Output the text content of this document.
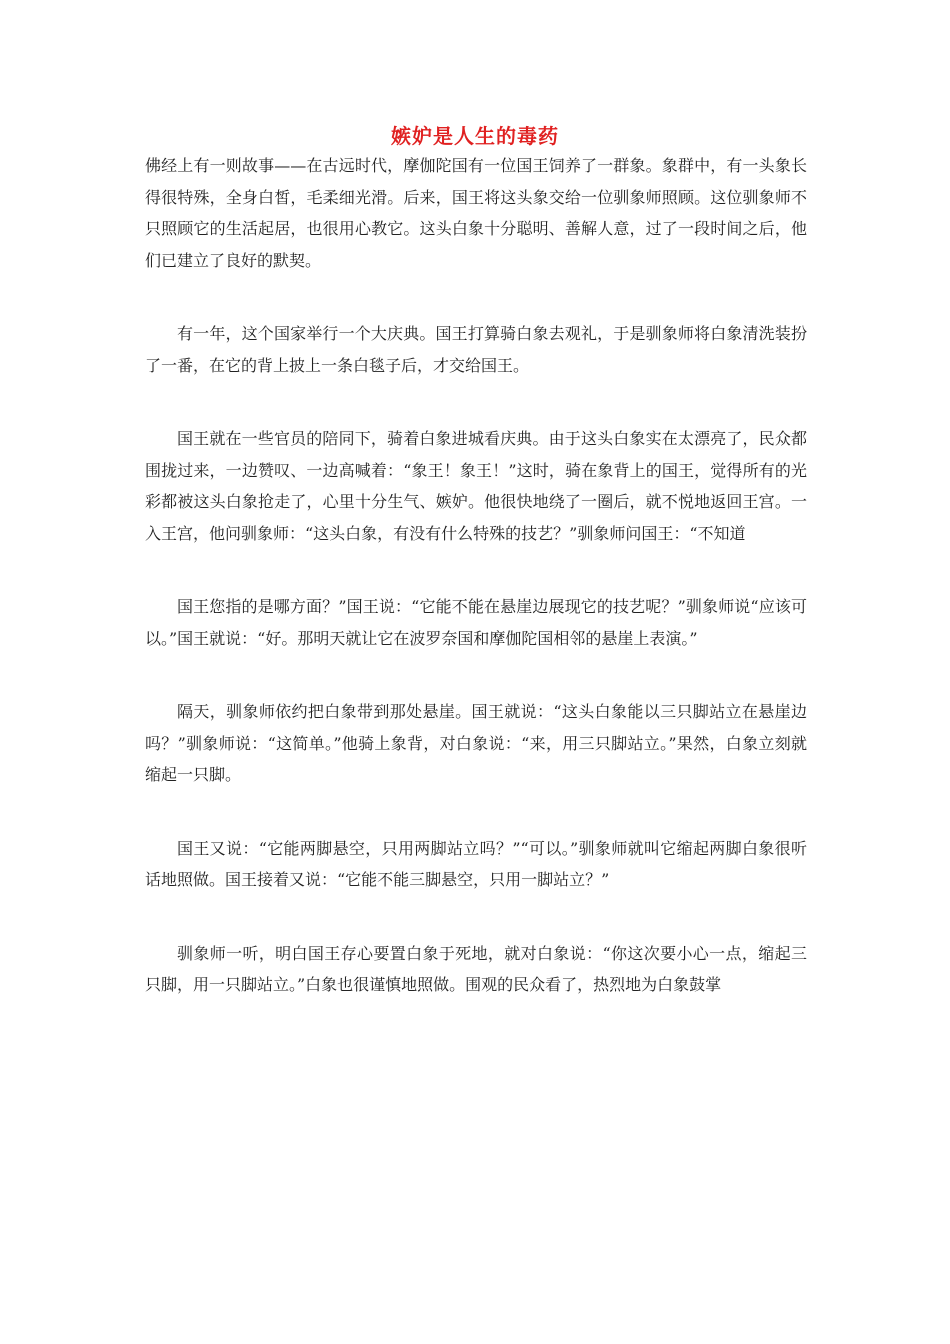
嫉妒是人生的毒药

佛经上有一则故事——在古远时代，摩伽陀国有一位国王饲养了一群象。象群中，有一头象长得很特殊，全身白皙，毛柔细光滑。后来，国王将这头象交给一位驯象师照顾。这位驯象师不只照顾它的生活起居，也很用心教它。这头白象十分聪明、善解人意，过了一段时间之后，他们已建立了良好的默契。

有一年，这个国家举行一个大庆典。国王打算骑白象去观礼，于是驯象师将白象清洗装扮了一番，在它的背上披上一条白毯子后，才交给国王。

国王就在一些官员的陪同下，骑着白象进城看庆典。由于这头白象实在太漂亮了，民众都围拢过来，一边赞叹、一边高喊着：“象王！象王！”这时，骑在象背上的国王，觉得所有的光彩都被这头白象抢走了，心里十分生气、嫉妒。他很快地绕了一圈后，就不悦地返回王宫。一入王宫，他问驯象师：“这头白象，有没有什么特殊的技艺？”驯象师问国王：“不知道

国王您指的是哪方面？”国王说：“它能不能在悬崖边展现它的技艺呢？”驯象师说“应该可以。”国王就说：“好。那明天就让它在波罗奈国和摩伽陀国相邻的悬崖上表演。”

隔天，驯象师依约把白象带到那处悬崖。国王就说：“这头白象能以三只脚站立在悬崖边吗？”驯象师说：“这简单。”他骑上象背，对白象说：“来，用三只脚站立。”果然，白象立刻就缩起一只脚。

国王又说：“它能两脚悬空，只用两脚站立吗？”“可以。”驯象师就叫它缩起两脚白象很听话地照做。国王接着又说：“它能不能三脚悬空，只用一脚站立？”

驯象师一听，明白国王存心要置白象于死地，就对白象说：“你这次要小心一点，缩起三只脚，用一只脚站立。”白象也很谨慎地照做。围观的民众看了，热烈地为白象鼓掌
